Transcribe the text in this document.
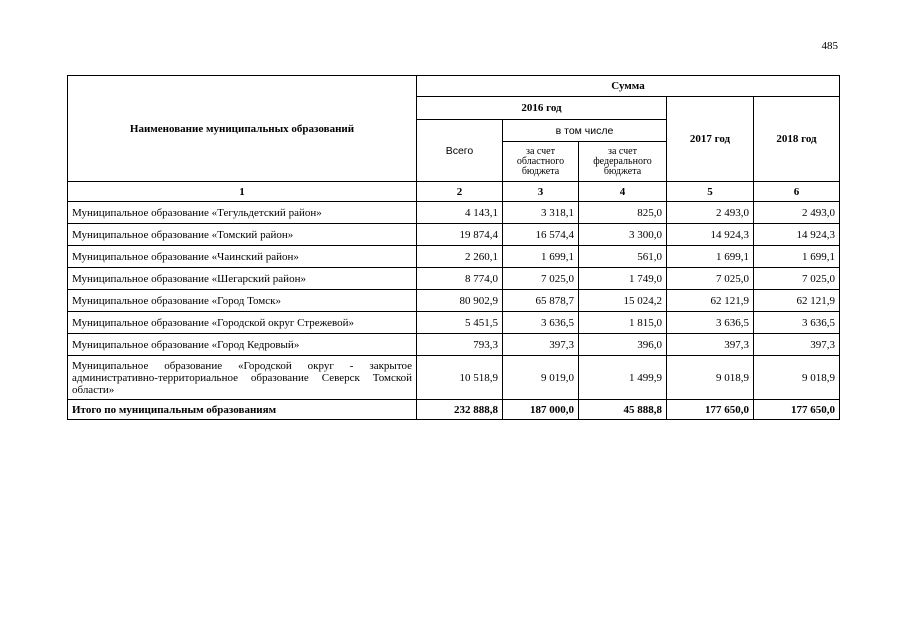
485
Наименование муниципальных образований	Сумма				
	2016 год			2017 год	2018 год
	Всего	в том числе			
		за счет областного бюджета	за счет федерального бюджета		
1	2	3	4	5	6
Муниципальное образование «Тегульдетский район»	4 143,1	3 318,1	825,0	2 493,0	2 493,0
Муниципальное образование «Томский район»	19 874,4	16 574,4	3 300,0	14 924,3	14 924,3
Муниципальное образование «Чаинский район»	2 260,1	1 699,1	561,0	1 699,1	1 699,1
Муниципальное образование «Шегарский район»	8 774,0	7 025,0	1 749,0	7 025,0	7 025,0
Муниципальное образование «Город Томск»	80 902,9	65 878,7	15 024,2	62 121,9	62 121,9
Муниципальное образование «Городской округ Стрежевой»	5 451,5	3 636,5	1 815,0	3 636,5	3 636,5
Муниципальное образование «Город Кедровый»	793,3	397,3	396,0	397,3	397,3
Муниципальное образование «Городской округ - закрытое административно-территориальное образование Северск Томской области»	10 518,9	9 019,0	1 499,9	9 018,9	9 018,9
Итого по муниципальным образованиям	232 888,8	187 000,0	45 888,8	177 650,0	177 650,0
